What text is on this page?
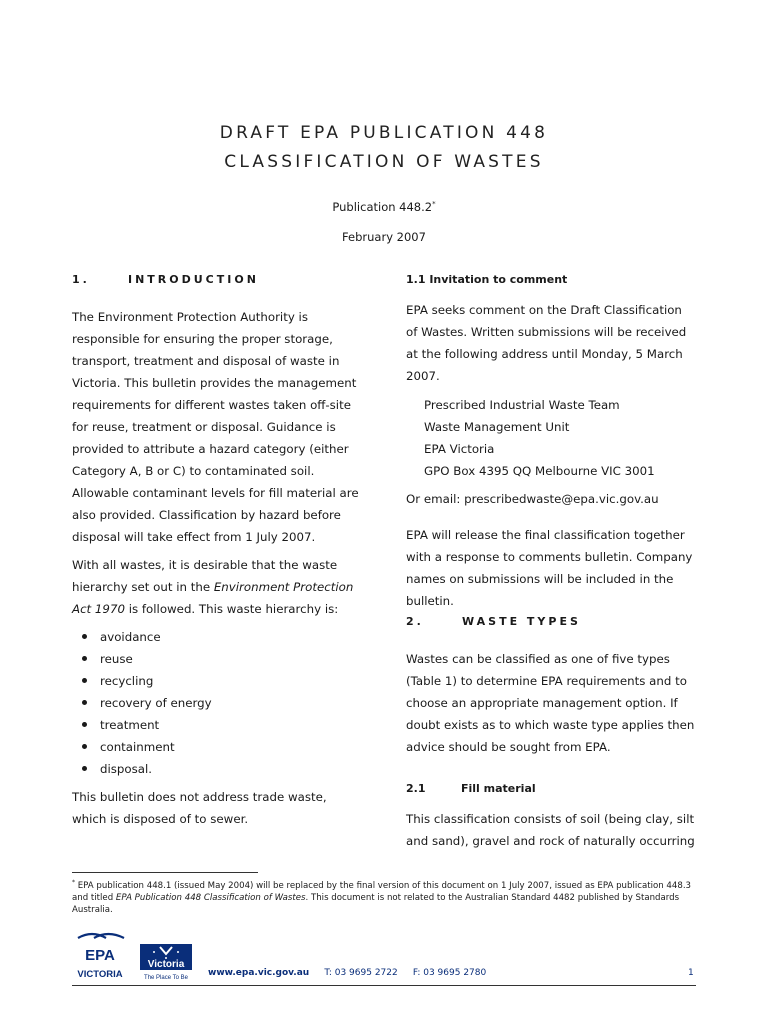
DRAFT EPA PUBLICATION 448
CLASSIFICATION OF WASTES
Publication 448.2*
February 2007
1.	INTRODUCTION

The Environment Protection Authority is responsible for ensuring the proper storage, transport, treatment and disposal of waste in Victoria. This bulletin provides the management requirements for different wastes taken off-site for reuse, treatment or disposal. Guidance is provided to attribute a hazard category (either Category A, B or C) to contaminated soil. Allowable contaminant levels for fill material are also provided. Classification by hazard before disposal will take effect from 1 July 2007.

With all wastes, it is desirable that the waste hierarchy set out in the Environment Protection Act 1970 is followed. This waste hierarchy is:

avoidance
reuse
recycling
recovery of energy
treatment
containment
disposal.

This bulletin does not address trade waste, which is disposed of to sewer.

1.1 Invitation to comment

EPA seeks comment on the Draft Classification of Wastes. Written submissions will be received at the following address until Monday, 5 March 2007.

Prescribed Industrial Waste Team
Waste Management Unit
EPA Victoria
GPO Box 4395 QQ Melbourne VIC 3001

Or email: prescribedwaste@epa.vic.gov.au

EPA will release the final classification together with a response to comments bulletin. Company names on submissions will be included in the bulletin.

2.	WASTE TYPES

Wastes can be classified as one of five types (Table 1) to determine EPA requirements and to choose an appropriate management option. If doubt exists as to which waste type applies then advice should be sought from EPA.

2.1	Fill material

This classification consists of soil (being clay, silt and sand), gravel and rock of naturally occurring

* EPA publication 448.1 (issued May 2004) will be replaced by the final version of this document on 1 July 2007, issued as EPA publication 448.3 and titled EPA Publication 448 Classification of Wastes. This document is not related to the Australian Standard 4482 published by Standards Australia.
EPA
VICTORIA
Victoria
The Place To Be www.epa.vic.gov.au T: 03 9695 2722 F: 03 9695 2780	1
